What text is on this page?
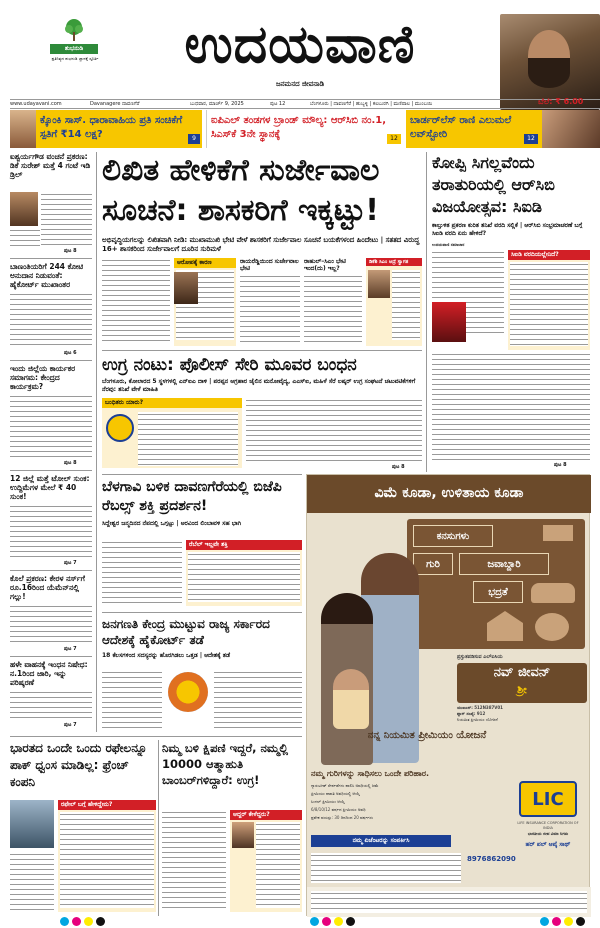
ಶುಭನುಡಿ
ಪ್ರತಿನಿತ್ಯದ ಶುಭನುಡಿ ಜ್ಞಾನಕ್ಕೆ ಸ್ಪೂರ್ತಿ	ಉದಯವಾಣಿ
ಜನಮನದ ಜೀವನಾಡಿ
www.udayavani.com	Davanagere ದಾವಣಗೆರೆ	ಬುಧವಾರ, ಮಾರ್ಚ್ 9, 2025	ಪುಟ 12	ಬೆಂಗಳೂರು | ದಾವಣಗೆರೆ | ಹುಬ್ಬಳ್ಳಿ | ಕಲಬುರಗಿ | ಮಣಿಪಾಲ | ಮುಂಬಯಿ	ಬೆಲೆ: ₹ 6.00
ಕ್ಕೊಂಕಿ ಸಾಸ್‌. ಧಾರಾವಾಹಿಯ ಪ್ರತಿ ಸಂಚಿಕೆಗೆ ಸ್ಪತಿಗೆ ₹14 ಲಕ್ಷ?	9
ಐಪಿಎಲ್ ತಂಡಗಳ ಬ್ರಾಂಡ್ ಮೌಲ್ಯ: ಆರ್‌ಸಿಬಿ ನಂ.1, ಸಿಎಸ್‌ಕೆ 3ನೇ ಸ್ಥಾನಕ್ಕೆ	12
ಬಾರ್ಡರ್‌ಲೆಸ್ ರಾಣಿ ಎಲುಮಲೆ ಲವ್‌ಸ್ಟೋರಿ	12
ಐಶ್ವರ್ಯಗೌಡ ವಂಚನೆ ಪ್ರಕರಣ: ಡಿಕೆ ಸುರೇಶ್‌ ಮತ್ತೆ 4 ಗಂಟೆ ಇಡಿ ಡ್ರಿಲ್
ಪುಟ 8
ಬಾಣಂತಿಯರಿಗೆ 244 ಕೋಟಿ ಅನುದಾನ ನಿಡುವಂತೆ: ಹೈಕೋರ್ಟ್ ಮುಖಾಂತರ
ಪುಟ 6
ಇಂದು ಜಿಲ್ಲೆಯ ಕಾರ್ಯಕರ ಸಮಾಗಮ: ಕೇಂದ್ರದ ಕಾರ್ಯಕ್ರಮ?
ಪುಟ 8
12 ಜಿಲ್ಲೆ ಮತ್ತೆ ಟೋಲ್ ಸುಂಕ: ಉದ್ದಿಮೆಗಳ ಮೇಲೆ ₹ 40 ಸುಂಕ!
ಪುಟ 7
ಕೊಲೆ ಪ್ರಕರಣ: ಕೇರಳ ನರ್ಸ್‌ಗೆ ರೂ.16ರಿಂದ ಯೆಮೆನ್‌ನಲ್ಲಿ ಗಲ್ಲು!
ಪುಟ 7
ಹಳೇ ವಾಹನಕ್ಕೆ ಇಂಧನ ನಿಷೇಧ: ನ.1ರಿಂದ ಜಾರಿ, ಇನ್ನು ಪರಿಷ್ಕರಣೆ
ಪುಟ 7
ಲಿಖಿತ ಹೇಳಿಕೆಗೆ ಸುರ್ಜೇವಾಲ
ಸೂಚನೆ: ಶಾಸಕರಿಗೆ ಇಕ್ಕಟ್ಟು!
ಅಭಿವೃದ್ಧಿಯಗಲನ್ನು ಲಿಖಿತವಾಗಿ ನೀಡಿ: ಮುಖಾಮುಖಿ ಭೇಟಿ ವೇಳೆ ಶಾಸಕರಿಗೆ ಸುರ್ಜೇವಾಲ ಸೂಚನೆ ಬಯಕೆಗಳಂದ ಹಿಂದೇಟು | ಸತತದ ವಿರುದ್ಧ 16+ ಶಾಸಕರಿಂದ ಸುರ್ಜೇವಾಲಗೆ ದೂರಿನ ಸುರಿಮಳೆ
ಆರೋಪಕ್ಕೆ ಕಾರಣ	ರಾಯರೆಡ್ಡಿಯಿಂದ ಸುರ್ಜೇವಾಲ ಭೇಟಿ
ರಾಹುಲ್‌–ಸಿಎಂ ಭೇಟಿ ಇಂದ(ದು) ಇಲ್ಲ?
ಡಿಕೆಶಿ ಸಿಎಂ ಆದ್ರೆ ಸ್ವಾಗತ
ಕೋಪ್ಪಿ ಸಿಗಲ್ಲವೆಂದು ತರಾತುರಿಯಲ್ಲಿ ಆರ್‌ಸಿಬಿ ವಿಜಯೋತ್ಸವ: ಸಿಐಡಿ
ಕಾಲ್ತುಳಿತ ಪ್ರಕರಣ ಕುರಿತ ತನಿಖೆ ವರದಿ ಸಲ್ಲಿಕೆ | ಆರ್‌ಸಿಬಿ ಸಂಭ್ರಮಾಚರಣೆ ಬಗ್ಗೆ ಸಿಐಡಿ ವರದಿ ಏನು ಹೇಳಿದೆ?
ಉದಯವಾಣಿ ಸಮಾಚಾರ
ಸಿಐಡಿ ವರದಿಯಲ್ಲೇನಿದೆ?
ಪುಟ 8
ಉಗ್ರ ನಂಟು: ಪೊಲೀಸ್‌ ಸೇರಿ ಮೂವರ ಬಂಧನ
ಬೆಂಗಳೂರು, ಕೋಲಾರದ 5 ಸ್ಥಳಗಳಲ್ಲಿ ಎನ್‌ಐಎ ದಾಳಿ | ಪರಪ್ಪನ ಅಗ್ರಹಾರ ಜೈಲಿನ ಮನೋವೈದ್ಯ, ಎಎಸ್‌ಐ, ಮಹಿಳೆ ಸೆರೆ ಲಷ್ಕರ್ ಉಗ್ರ ಸಂಘಟನೆ ಚಟುವಟಿಕೆಗಳಿಗೆ ನೆರವು: ತನಿಖೆ ವೇಳೆ ಮಾಹಿತಿ
ಬಂಧಿತರು ಯಾರು?
ಪುಟ 8
ಬೆಳಗಾವಿ ಬಳಿಕ ದಾವಣಗೆರೆಯಲ್ಲಿ ಬಿಜೆಪಿ ರೆಬಲ್ಸ್ ಶಕ್ತಿ ಪ್ರದರ್ಶನ!
ಸಿದ್ದೇಶ್ವರ ಜನ್ಮದಿನದ ನೆಪದಲ್ಲಿ ಒಗ್ಗಟ್ಟು | ಅರವಿಂದ ಲಿಂಬಾವಳಿ ಸಹ ಭಾಗಿ
ರೆಬೆಲ್ ಇಲ್ಲವೇ ಶಕ್ತಿ
ಜನಗಣತಿ ಕೇಂದ್ರ ಮುಟ್ಟುವ ರಾಜ್ಯ ಸರ್ಕಾರದ ಆದೇಶಕ್ಕೆ ಹೈಕೋರ್ಟ್ ತಡೆ
18 ಕೆಲಸಗಳಿಂದ ಸದಸ್ಯರನ್ನು ಹೊರಗಿಡಲು ಒತ್ತಡ | ಆದೇಶಕ್ಕೆ ತಡೆ
ಭಾರತದ ಒಂದೇ ಒಂದು ರಫೇಲನ್ನೂ ಪಾಕ್ ಧ್ವಂಸ ಮಾಡಿಲ್ಲ: ಫ್ರೆಂಚ್ ಕಂಪನಿ
ರಫೇಲ್ ಬಗ್ಗೆ ಹೇಳಿದ್ದೇನು?
ನಿಮ್ಮ ಬಳಿ ಕ್ಷಿಪಣಿ ಇದ್ದರೆ, ನಮ್ಮಲ್ಲಿ 10000 ಆತ್ಮಾಹುತಿ ಬಾಂಬರ್‌ಗಳಿದ್ದಾರೆ: ಉಗ್ರ!
ಆದ್ದರ್ ಕೇಳೆದ್ದರು?
ವಿಮೆ ಕೂಡಾ, ಉಳಿತಾಯ ಕೂಡಾ
ಕನಸುಗಳು
ಗುರಿ	ಜವಾಬ್ದಾರಿ
ಭದ್ರತೆ
ಪ್ರಸ್ತುತಪಡಿಸುವ ಎಲ್ಐಸಿಯ
ನವ್ ಜೀವನ್
ಶ್ರೀ
ಯುಐಎನ್: 512N387V01
ಪ್ಲಾನ್ ಸಂಖ್ಯೆ: 912
ನಿಯಮಿತ ಪ್ರೀಮಿಯಂ ಯೋಜನೆ
ನನ್ನ ನಿಯಮಿತ ಪ್ರೀಮಿಯಂ ಯೋಜನೆ
ನಮ್ಮ ಗುರಿಗಳನ್ನು ಸಾಧಿಸಲು ಒಂದೇ ಪರಿಹಾರ.
ಗ್ಯಾರಂಟೀಡ್ ಸೇರ್ಪಡೆಗಳು ಪಾಲಿಸಿ ಅವಧಿಯಲ್ಲಿ ಜಮೆ
ಪ್ರೀಮಿಯಂ ಪಾವತಿ ಅವಧಿಯಲ್ಲಿ ಆಯ್ಕೆ
ಸಿಂಗಲ್ ಪ್ರೀಮಿಯಂ ಆಯ್ಕೆ
6/8/10/12 ವರ್ಷದ ಪ್ರೀಮಿಯಂ ಅವಧಿ
ಪ್ರವೇಶ ವಯಸ್ಸು: 30 ದಿನದಿಂದ 20 ವರ್ಷಗಳು
ನಮ್ಮ ಏಜೆಂಟರನ್ನು ಸಂಪರ್ಕಿಸಿ
8976862090
LIC
LIFE INSURANCE CORPORATION OF INDIA
ಭಾರತೀಯ ಜೀವ ವಿಮಾ ನಿಗಮ
ಹರ್ ಪಲ್ ಆಪ್ಕೆ ಸಾಥ್
